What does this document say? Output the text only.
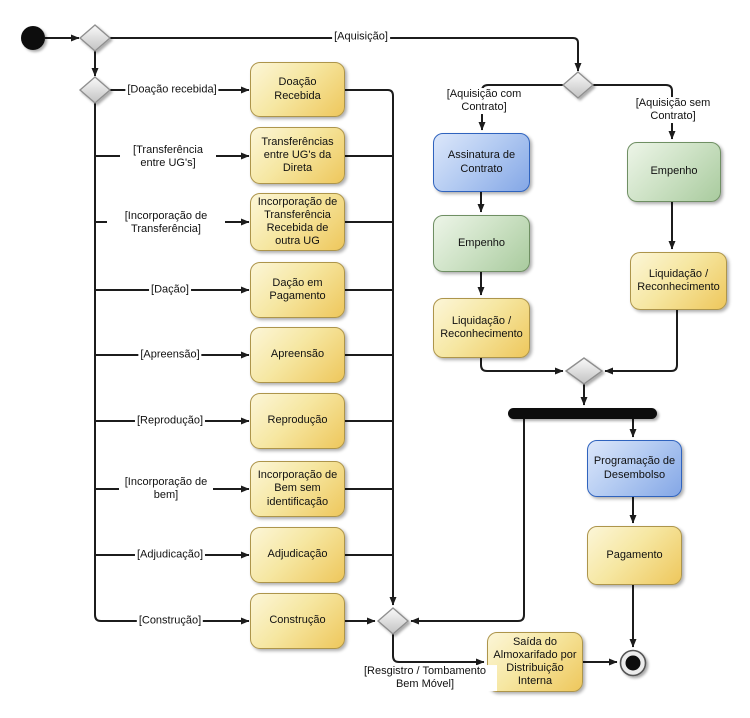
Doação Recebida
Transferências entre UG's da Direta
Incorporação de Transferência Recebida de outra UG
Dação em Pagamento
Apreensão
Reprodução
Incorporação de Bem sem identificação
Adjudicação
Construção
Assinatura de Contrato
Empenho
Liquidação / Reconhecimento
Empenho
Liquidação / Reconhecimento
Programação de Desembolso
Pagamento
Saída do Almoxarifado por Distribuição Interna
[Aquisição]
[Doação recebida]
[Transferência entre UG's]
[Incorporação de Transferência]
[Dação]
[Apreensão]
[Reprodução]
[Incorporação de bem]
[Adjudicação]
[Construção]
[Aquisição com Contrato]	[Aquisição sem Contrato]
[Resgistro / Tombamento Bem Móvel]
